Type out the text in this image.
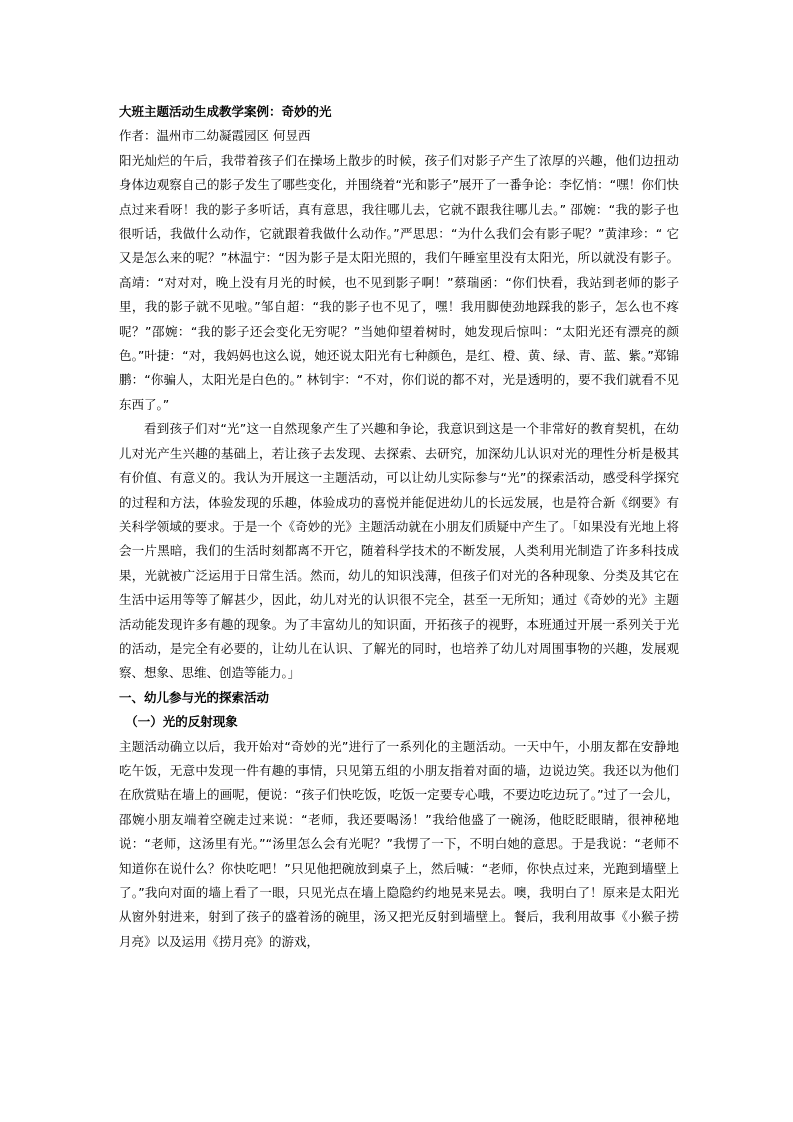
大班主题活动生成教学案例：奇妙的光

作者：温州市二幼凝霞园区 何昱西

阳光灿烂的午后，我带着孩子们在操场上散步的时候，孩子们对影子产生了浓厚的兴趣，他们边扭动身体边观察自己的影子发生了哪些变化，并围绕着“光和影子”展开了一番争论：李忆悄：“嘿！你们快点过来看呀！我的影子多听话，真有意思，我往哪儿去，它就不跟我往哪儿去。” 邵婉：“我的影子也很听话，我做什么动作，它就跟着我做什么动作。”严思思：“为什么我们会有影子呢？”黄津珍：“ 它又是怎么来的呢？”林温宁：“因为影子是太阳光照的，我们午睡室里没有太阳光，所以就没有影子。 高靖：“对对对，晚上没有月光的时候，也不见到影子啊！”蔡瑞函：“你们快看，我站到老师的影子里，我的影子就不见啦。”邹自超：“我的影子也不见了，嘿！我用脚使劲地踩我的影子，怎么也不疼呢？”邵婉：“我的影子还会变化无穷呢？”当她仰望着树时，她发现后惊叫：“太阳光还有漂亮的颜色。”叶捷：“对，我妈妈也这么说，她还说太阳光有七种颜色，是红、橙、黄、绿、青、蓝、紫。”郑锦鹏：“你骗人，太阳光是白色的。” 林钊宇：“不对，你们说的都不对，光是透明的，要不我们就看不见东西了。”

看到孩子们对“光”这一自然现象产生了兴趣和争论，我意识到这是一个非常好的教育契机，在幼儿对光产生兴趣的基础上，若让孩子去发现、去探索、去研究，加深幼儿认识对光的理性分析是极其有价值、有意义的。我认为开展这一主题活动，可以让幼儿实际参与“光”的探索活动，感受科学探究的过程和方法，体验发现的乐趣，体验成功的喜悦并能促进幼儿的长远发展，也是符合新《纲要》有关科学领域的要求。于是一个《奇妙的光》主题活动就在小朋友们质疑中产生了。「如果没有光地上将会一片黑暗，我们的生活时刻都离不开它，随着科学技术的不断发展，人类利用光制造了许多科技成果，光就被广泛运用于日常生活。然而，幼儿的知识浅薄，但孩子们对光的各种现象、分类及其它在生活中运用等等了解甚少，因此，幼儿对光的认识很不完全，甚至一无所知；通过《奇妙的光》主题活动能发现许多有趣的现象。为了丰富幼儿的知识面，开拓孩子的视野，本班通过开展一系列关于光的活动，是完全有必要的，让幼儿在认识、了解光的同时，也培养了幼儿对周围事物的兴趣，发展观察、想象、思维、创造等能力。」

一、幼儿参与光的探索活动

（一）光的反射现象

主题活动确立以后，我开始对“奇妙的光”进行了一系列化的主题活动。一天中午，小朋友都在安静地吃午饭，无意中发现一件有趣的事情，只见第五组的小朋友指着对面的墙，边说边笑。我还以为他们在欣赏贴在墙上的画呢，便说：“孩子们快吃饭，吃饭一定要专心哦，不要边吃边玩了。”过了一会儿，邵婉小朋友端着空碗走过来说：“老师，我还要喝汤！”我给他盛了一碗汤，他眨眨眼睛，很神秘地说：“老师，这汤里有光。”“汤里怎么会有光呢？”我愣了一下，不明白她的意思。于是我说：“老师不知道你在说什么？你快吃吧！”只见他把碗放到桌子上，然后喊：“老师，你快点过来，光跑到墙壁上了。”我向对面的墙上看了一眼，只见光点在墙上隐隐约约地晃来晃去。噢，我明白了！原来是太阳光从窗外射进来，射到了孩子的盛着汤的碗里，汤又把光反射到墙壁上。餐后，我利用故事《小猴子捞月亮》以及运用《捞月亮》的游戏，
